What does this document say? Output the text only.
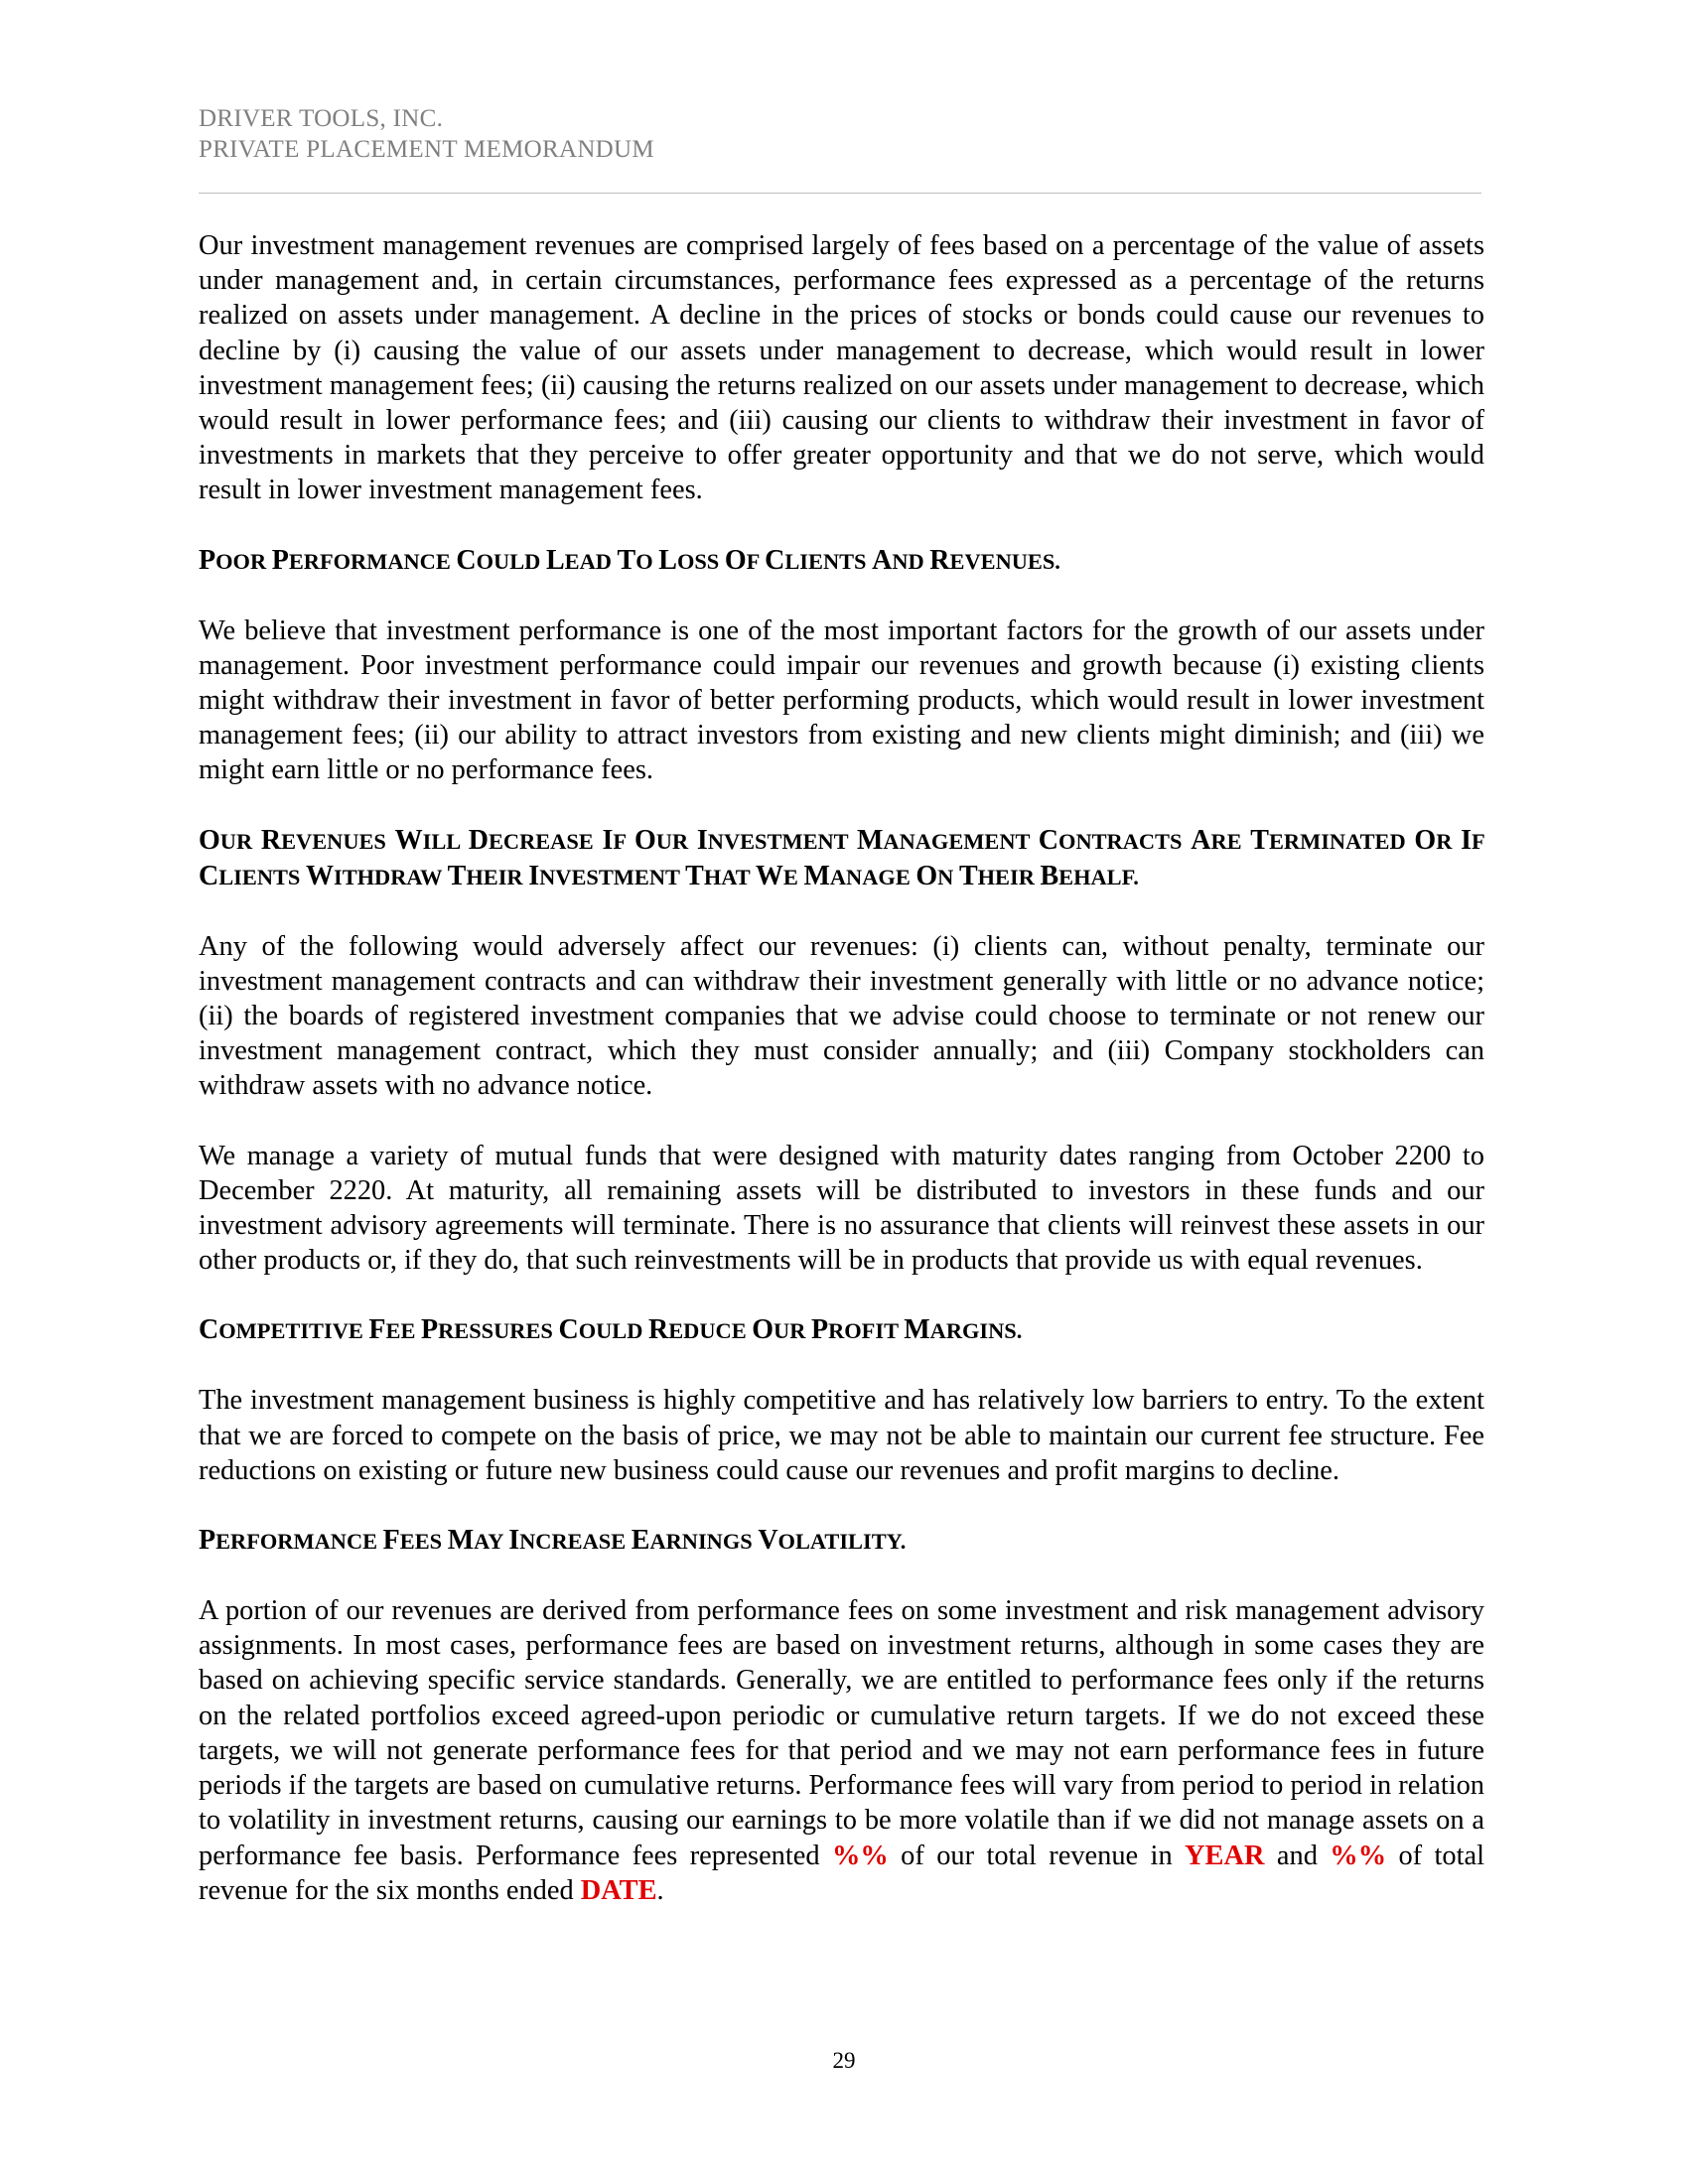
DRIVER TOOLS, INC.
PRIVATE PLACEMENT MEMORANDUM

Our investment management revenues are comprised largely of fees based on a percentage of the value of assets under management and, in certain circumstances, performance fees expressed as a percentage of the returns realized on assets under management. A decline in the prices of stocks or bonds could cause our revenues to decline by (i) causing the value of our assets under management to decrease, which would result in lower investment management fees; (ii) causing the returns realized on our assets under management to decrease, which would result in lower performance fees; and (iii) causing our clients to withdraw their investment in favor of investments in markets that they perceive to offer greater opportunity and that we do not serve, which would result in lower investment management fees.

POOR PERFORMANCE COULD LEAD TO LOSS OF CLIENTS AND REVENUES.

We believe that investment performance is one of the most important factors for the growth of our assets under management. Poor investment performance could impair our revenues and growth because (i) existing clients might withdraw their investment in favor of better performing products, which would result in lower investment management fees; (ii) our ability to attract investors from existing and new clients might diminish; and (iii) we might earn little or no performance fees.

OUR REVENUES WILL DECREASE IF OUR INVESTMENT MANAGEMENT CONTRACTS ARE TERMINATED OR IF CLIENTS WITHDRAW THEIR INVESTMENT THAT WE MANAGE ON THEIR BEHALF.

Any of the following would adversely affect our revenues: (i) clients can, without penalty, terminate our investment management contracts and can withdraw their investment generally with little or no advance notice; (ii) the boards of registered investment companies that we advise could choose to terminate or not renew our investment management contract, which they must consider annually; and (iii) Company stockholders can withdraw assets with no advance notice.

We manage a variety of mutual funds that were designed with maturity dates ranging from October 2200 to December 2220. At maturity, all remaining assets will be distributed to investors in these funds and our investment advisory agreements will terminate. There is no assurance that clients will reinvest these assets in our other products or, if they do, that such reinvestments will be in products that provide us with equal revenues.

COMPETITIVE FEE PRESSURES COULD REDUCE OUR PROFIT MARGINS.

The investment management business is highly competitive and has relatively low barriers to entry. To the extent that we are forced to compete on the basis of price, we may not be able to maintain our current fee structure. Fee reductions on existing or future new business could cause our revenues and profit margins to decline.

PERFORMANCE FEES MAY INCREASE EARNINGS VOLATILITY.

A portion of our revenues are derived from performance fees on some investment and risk management advisory assignments. In most cases, performance fees are based on investment returns, although in some cases they are based on achieving specific service standards. Generally, we are entitled to performance fees only if the returns on the related portfolios exceed agreed-upon periodic or cumulative return targets. If we do not exceed these targets, we will not generate performance fees for that period and we may not earn performance fees in future periods if the targets are based on cumulative returns. Performance fees will vary from period to period in relation to volatility in investment returns, causing our earnings to be more volatile than if we did not manage assets on a performance fee basis. Performance fees represented %% of our total revenue in YEAR and %% of total revenue for the six months ended DATE.

29
